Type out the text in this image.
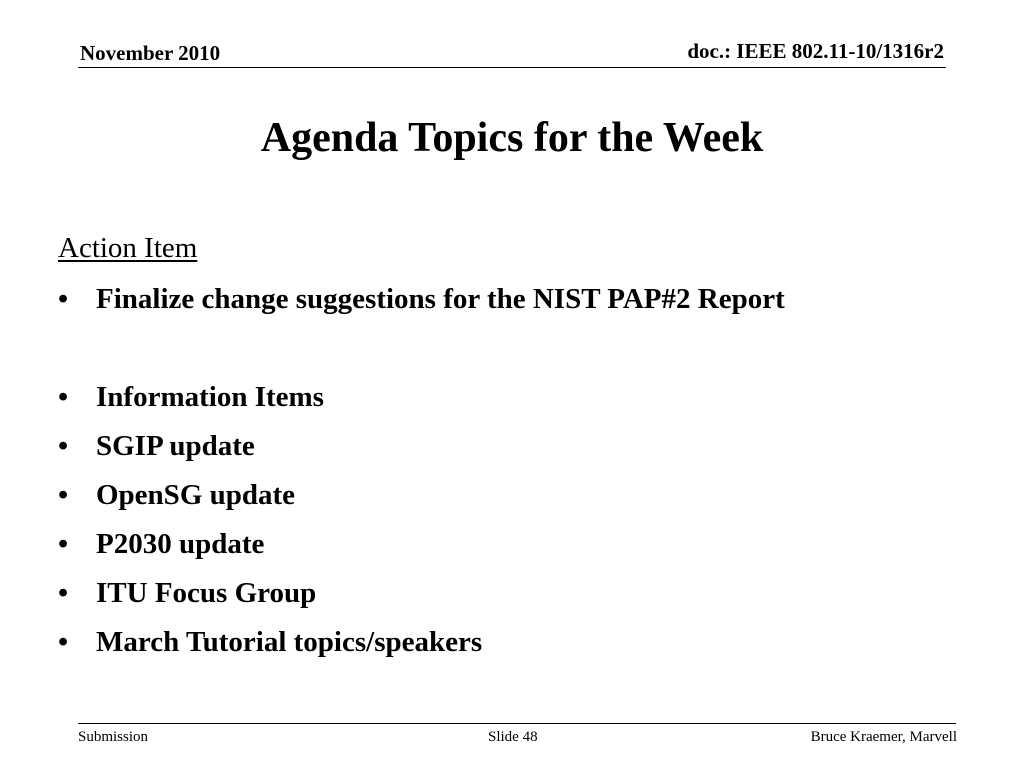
November 2010	doc.: IEEE 802.11-10/1316r2
Agenda Topics for the Week
Action Item
• Finalize change suggestions for the NIST PAP#2 Report
• Information Items
• SGIP update
• OpenSG update
• P2030 update
• ITU Focus Group
• March Tutorial topics/speakers
Submission	Slide 48	Bruce Kraemer, Marvell
